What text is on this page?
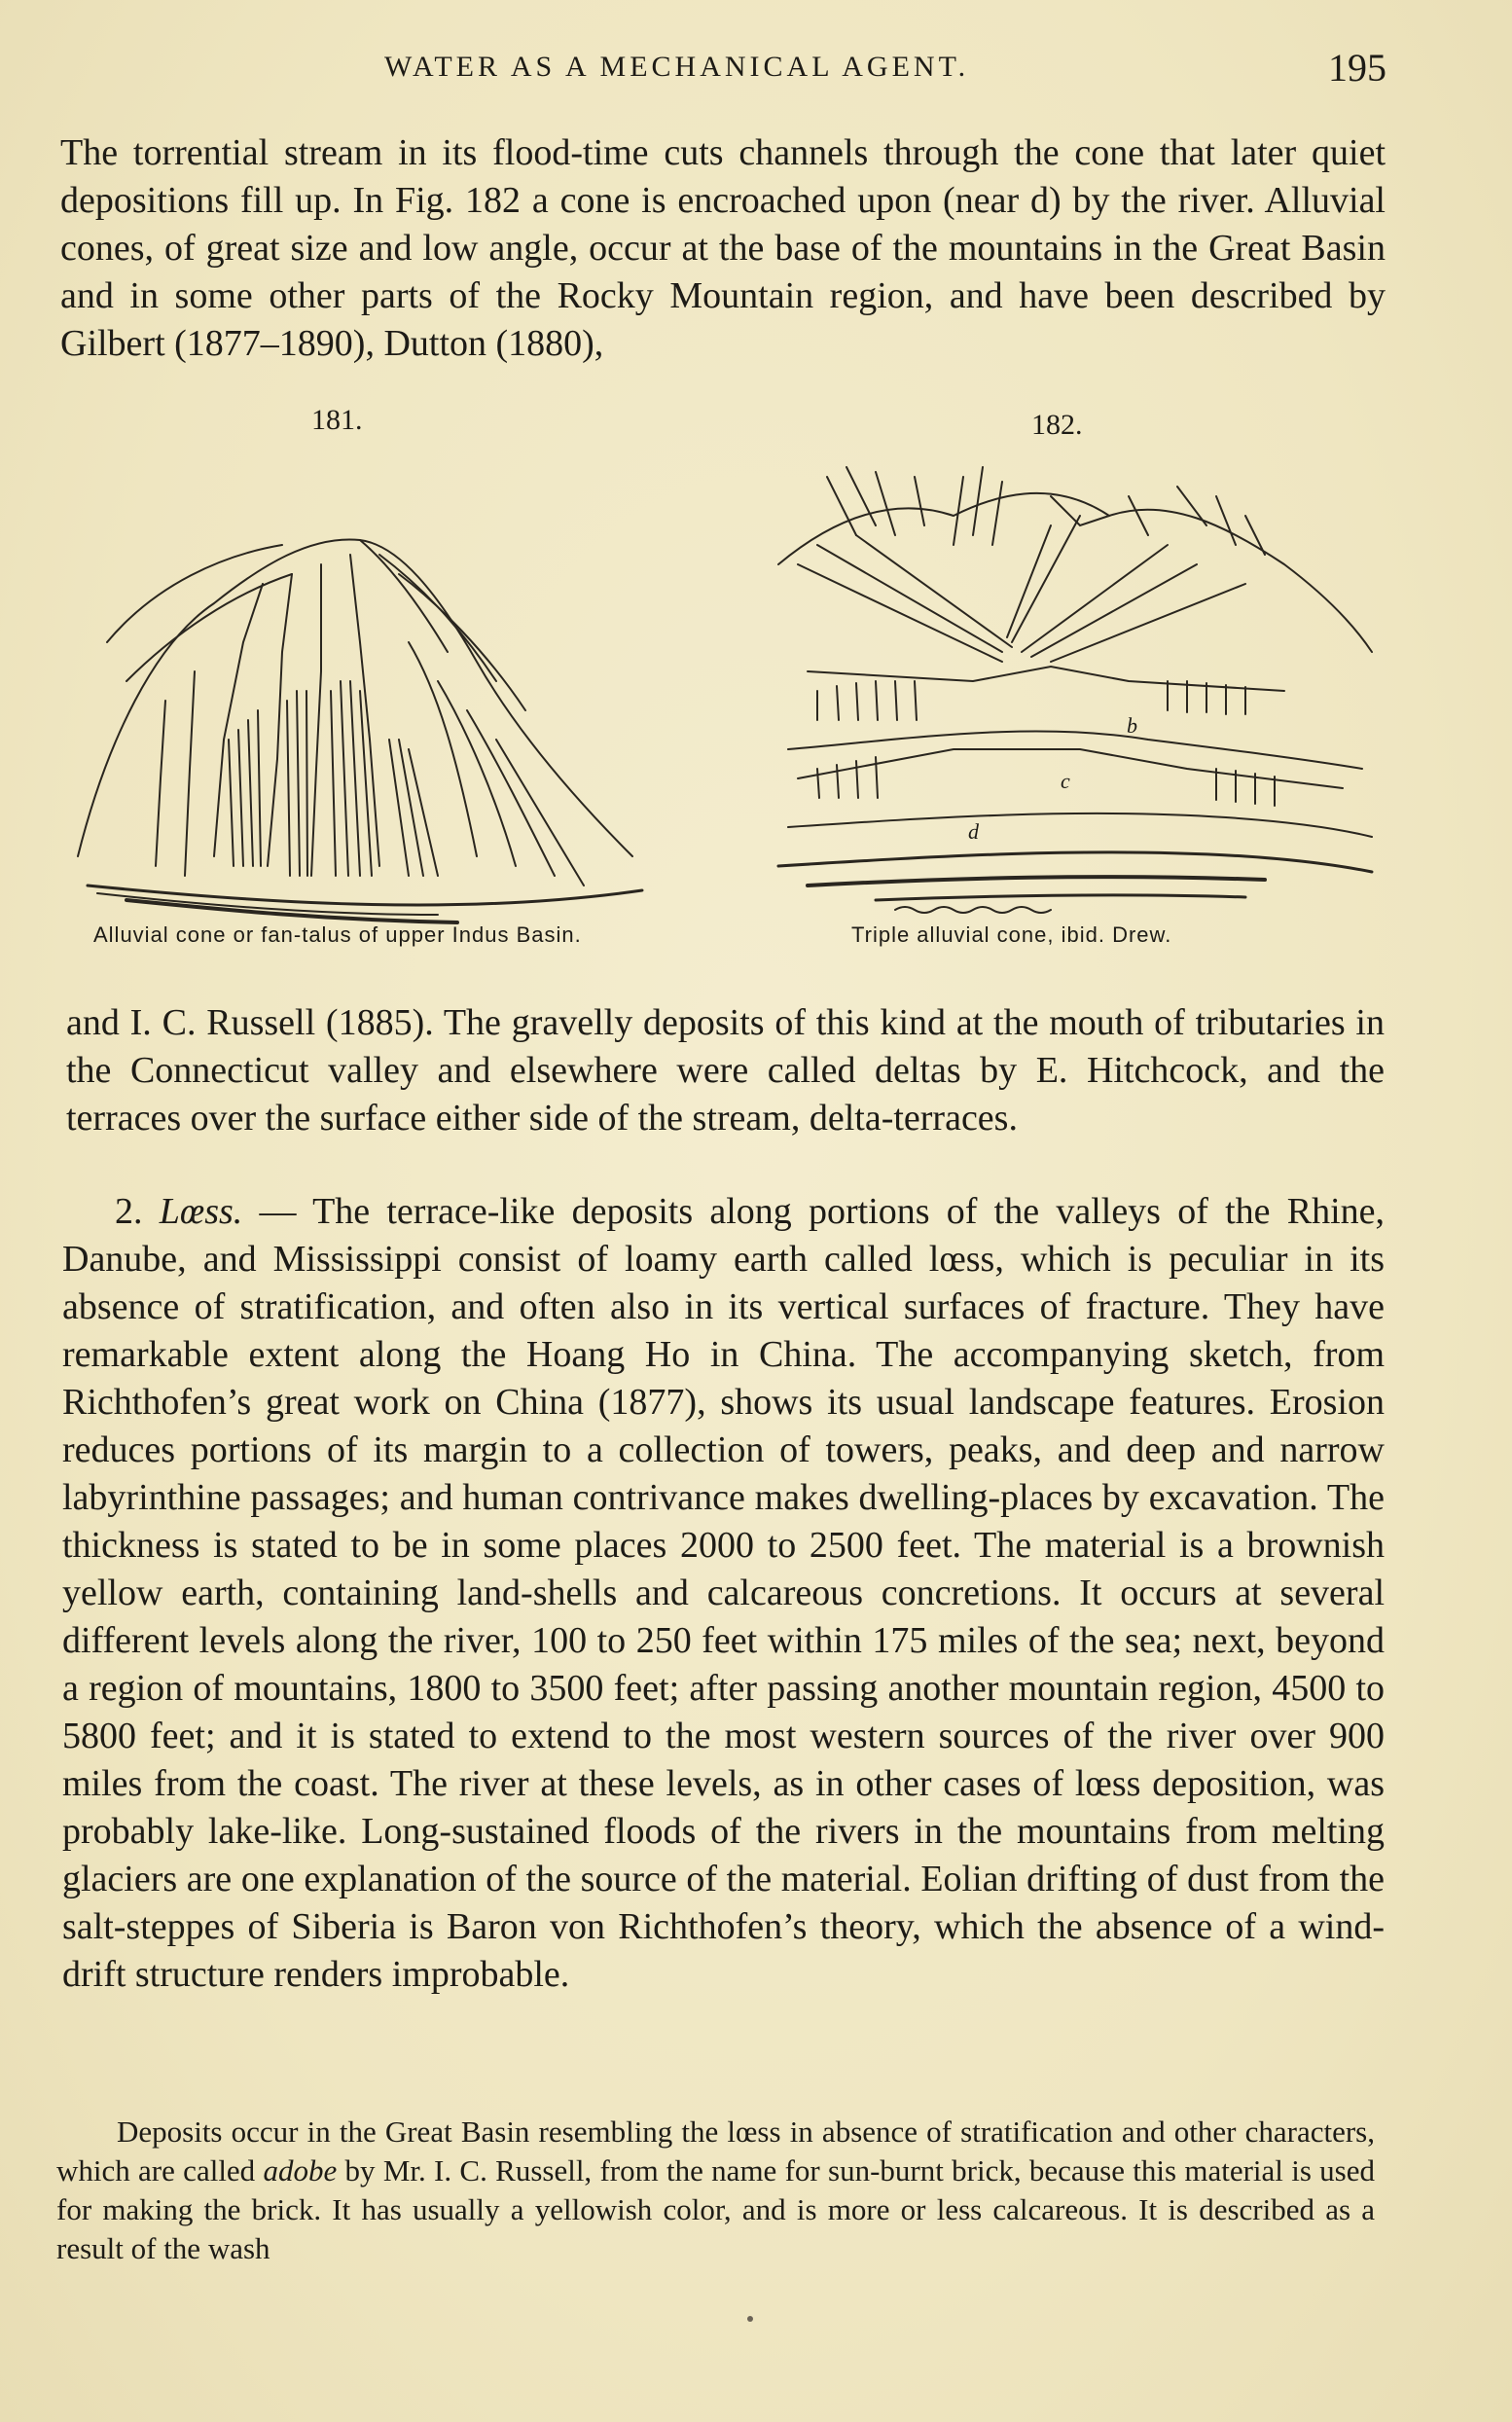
WATER AS A MECHANICAL AGENT.	195

The torrential stream in its flood-time cuts channels through the cone that later quiet depositions fill up. In Fig. 182 a cone is encroached upon (near d) by the river. Alluvial cones, of great size and low angle, occur at the base of the mountains in the Great Basin and in some other parts of the Rocky Mountain region, and have been described by Gilbert (1877–1890), Dutton (1880),

181.
Alluvial cone or fan-talus of upper Indus Basin.
182.
b
c
d
Triple alluvial cone, ibid. Drew.

and I. C. Russell (1885). The gravelly deposits of this kind at the mouth of tributaries in the Connecticut valley and elsewhere were called deltas by E. Hitchcock, and the terraces over the surface either side of the stream, delta-terraces.

2. Lœss. — The terrace-like deposits along portions of the valleys of the Rhine, Danube, and Mississippi consist of loamy earth called lœss, which is peculiar in its absence of stratification, and often also in its vertical surfaces of fracture. They have remarkable extent along the Hoang Ho in China. The accompanying sketch, from Richthofen’s great work on China (1877), shows its usual landscape features. Erosion reduces portions of its margin to a collection of towers, peaks, and deep and narrow labyrinthine passages; and human contrivance makes dwelling-places by excavation. The thickness is stated to be in some places 2000 to 2500 feet. The material is a brownish yellow earth, containing land-shells and calcareous concretions. It occurs at several different levels along the river, 100 to 250 feet within 175 miles of the sea; next, beyond a region of mountains, 1800 to 3500 feet; after passing another mountain region, 4500 to 5800 feet; and it is stated to extend to the most western sources of the river over 900 miles from the coast. The river at these levels, as in other cases of lœss deposition, was probably lake-like. Long-sustained floods of the rivers in the mountains from melting glaciers are one explanation of the source of the material. Eolian drifting of dust from the salt-steppes of Siberia is Baron von Richthofen’s theory, which the absence of a wind-drift structure renders improbable.

Deposits occur in the Great Basin resembling the lœss in absence of stratification and other characters, which are called adobe by Mr. I. C. Russell, from the name for sun-burnt brick, because this material is used for making the brick. It has usually a yellowish color, and is more or less calcareous. It is described as a result of the wash
